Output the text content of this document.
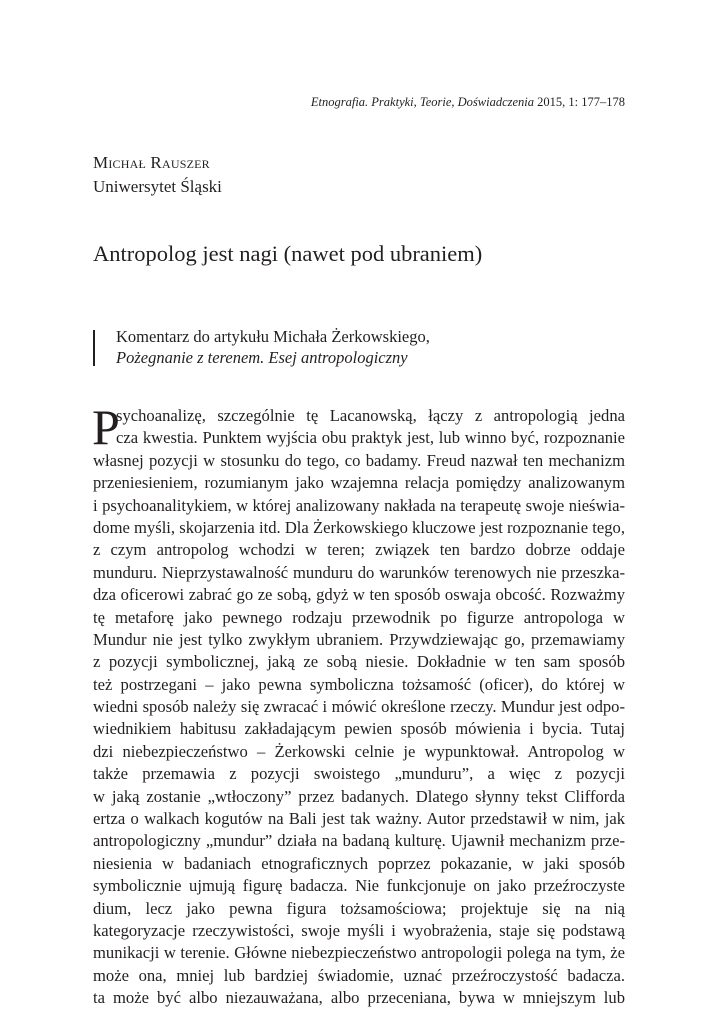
Etnografia. Praktyki, Teorie, Doświadczenia 2015, 1: 177–178

Michał Rauszer

Uniwersytet Śląski

Antropolog jest nagi (nawet pod ubraniem)
Komentarz do artykułu Michała Żerkowskiego,
Pożegnanie z terenem. Esej antropologiczny
P
sychoanalizę, szczególnie tę Lacanowską, łączy z antropologią jedna
cza kwestia. Punktem wyjścia obu praktyk jest, lub winno być, rozpoznanie
własnej pozycji w stosunku do tego, co badamy. Freud nazwał ten mechanizm
przeniesieniem, rozumianym jako wzajemna relacja pomiędzy analizowanym
i psychoanalitykiem, w której analizowany nakłada na terapeutę swoje nieświa-
dome myśli, skojarzenia itd. Dla Żerkowskiego kluczowe jest rozpoznanie tego,
z czym antropolog wchodzi w teren; związek ten bardzo dobrze oddaje
munduru. Nieprzystawalność munduru do warunków terenowych nie przeszka-
dza oficerowi zabrać go ze sobą, gdyż w ten sposób oswaja obcość. Rozważmy
tę metaforę jako pewnego rodzaju przewodnik po figurze antropologa w
Mundur nie jest tylko zwykłym ubraniem. Przywdziewając go, przemawiamy
z pozycji symbolicznej, jaką ze sobą niesie. Dokładnie w ten sam sposób
też postrzegani – jako pewna symboliczna tożsamość (oficer), do której w
wiedni sposób należy się zwracać i mówić określone rzeczy. Mundur jest odpo-
wiednikiem habitusu zakładającym pewien sposób mówienia i bycia. Tutaj
dzi niebezpieczeństwo – Żerkowski celnie je wypunktował. Antropolog w
także przemawia z pozycji swoistego „munduru”, a więc z pozycji
w jaką zostanie „wtłoczony” przez badanych. Dlatego słynny tekst Clifforda
ertza o walkach kogutów na Bali jest tak ważny. Autor przedstawił w nim, jak
antropologiczny „mundur” działa na badaną kulturę. Ujawnił mechanizm prze-
niesienia w badaniach etnograficznych poprzez pokazanie, w jaki sposób
symbolicznie ujmują figurę badacza. Nie funkcjonuje on jako przeźroczyste
dium, lecz jako pewna figura tożsamościowa; projektuje się na nią
kategoryzacje rzeczywistości, swoje myśli i wyobrażenia, staje się podstawą
munikacji w terenie. Główne niebezpieczeństwo antropologii polega na tym, że
może ona, mniej lub bardziej świadomie, uznać przeźroczystość badacza.
ta może być albo niezauważana, albo przeceniana, bywa w mniejszym lub
